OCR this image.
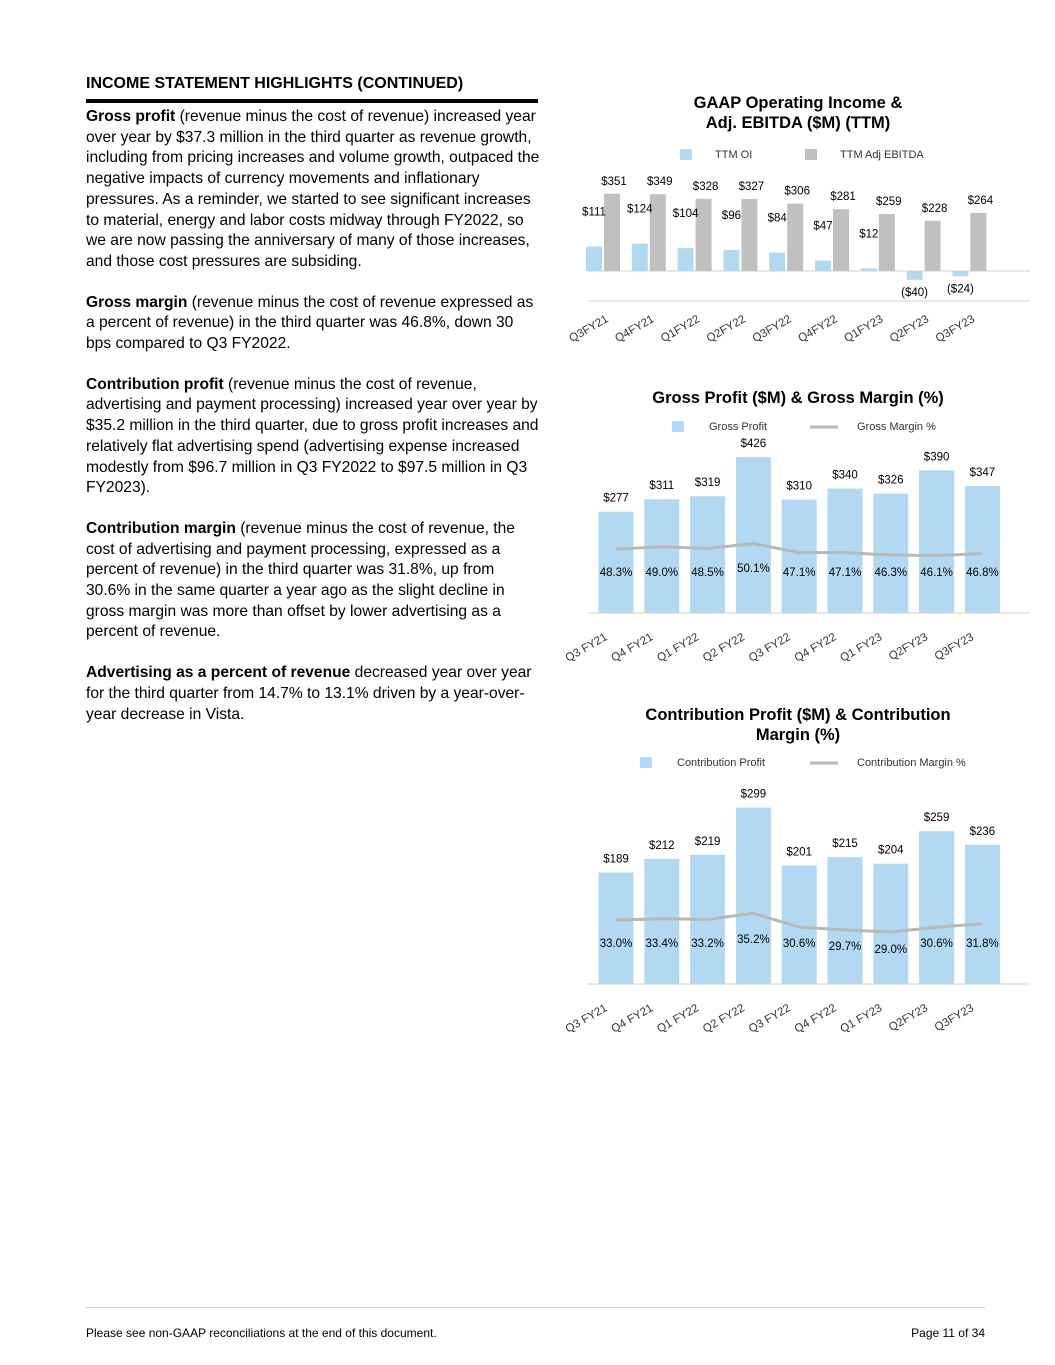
INCOME STATEMENT HIGHLIGHTS (CONTINUED)

Gross profit (revenue minus the cost of revenue) increased year over year by $37.3 million in the third quarter as revenue growth, including from pricing increases and volume growth, outpaced the negative impacts of currency movements and inflationary pressures. As a reminder, we started to see significant increases to material, energy and labor costs midway through FY2022, so we are now passing the anniversary of many of those increases, and those cost pressures are subsiding.

Gross margin (revenue minus the cost of revenue expressed as a percent of revenue) in the third quarter was 46.8%, down 30 bps compared to Q3 FY2022.

Contribution profit (revenue minus the cost of revenue, advertising and payment processing) increased year over year by $35.2 million in the third quarter, due to gross profit increases and relatively flat advertising spend (advertising expense increased modestly from $96.7 million in Q3 FY2022 to $97.5 million in Q3 FY2023).

Contribution margin (revenue minus the cost of revenue, the cost of advertising and payment processing, expressed as a percent of revenue) in the third quarter was 31.8%, up from 30.6% in the same quarter a year ago as the slight decline in gross margin was more than offset by lower advertising as a percent of revenue.

Advertising as a percent of revenue decreased year over year for the third quarter from 14.7% to 13.1% driven by a year-over-year decrease in Vista.

GAAP Operating Income &
Adj. EBITDA ($M) (TTM)
TTM OI	TTM Adj EBITDA
$111
$351
$124
$349
$104
$328
$96
$327
$84
$306
$47
$281
$12
$259
($40)
$228
($24)
$264
Q3FY21 Q4FY21 Q1FY22 Q2FY22 Q3FY22 Q4FY22 Q1FY23 Q2FY23 Q3FY23
Gross Profit ($M) & Gross Margin (%)
Gross Profit	Gross Margin %
$277
$311 $319
$426
$310
$340 $326
$390
$347
48.3% 49.0% 48.5% 50.1% 47.1% 47.1% 46.3% 46.1% 46.8%
Q3 FY21 Q4 FY21 Q1 FY22 Q2 FY22 Q3 FY22 Q4 FY22 Q1 FY23 Q2FY23 Q3FY23
Contribution Profit ($M) & Contribution
Margin (%)
Contribution Profit	Contribution Margin %
$189
$212 $219
$299
$201
$215
$204
$259
$236
33.0% 33.4% 33.2% 35.2% 30.6% 29.7% 29.0% 30.6% 31.8%
Q3 FY21 Q4 FY21 Q1 FY22 Q2 FY22 Q3 FY22 Q4 FY22 Q1 FY23 Q2FY23 Q3FY23
Please see non-GAAP reconciliations at the end of this document.	Page 11 of 34
